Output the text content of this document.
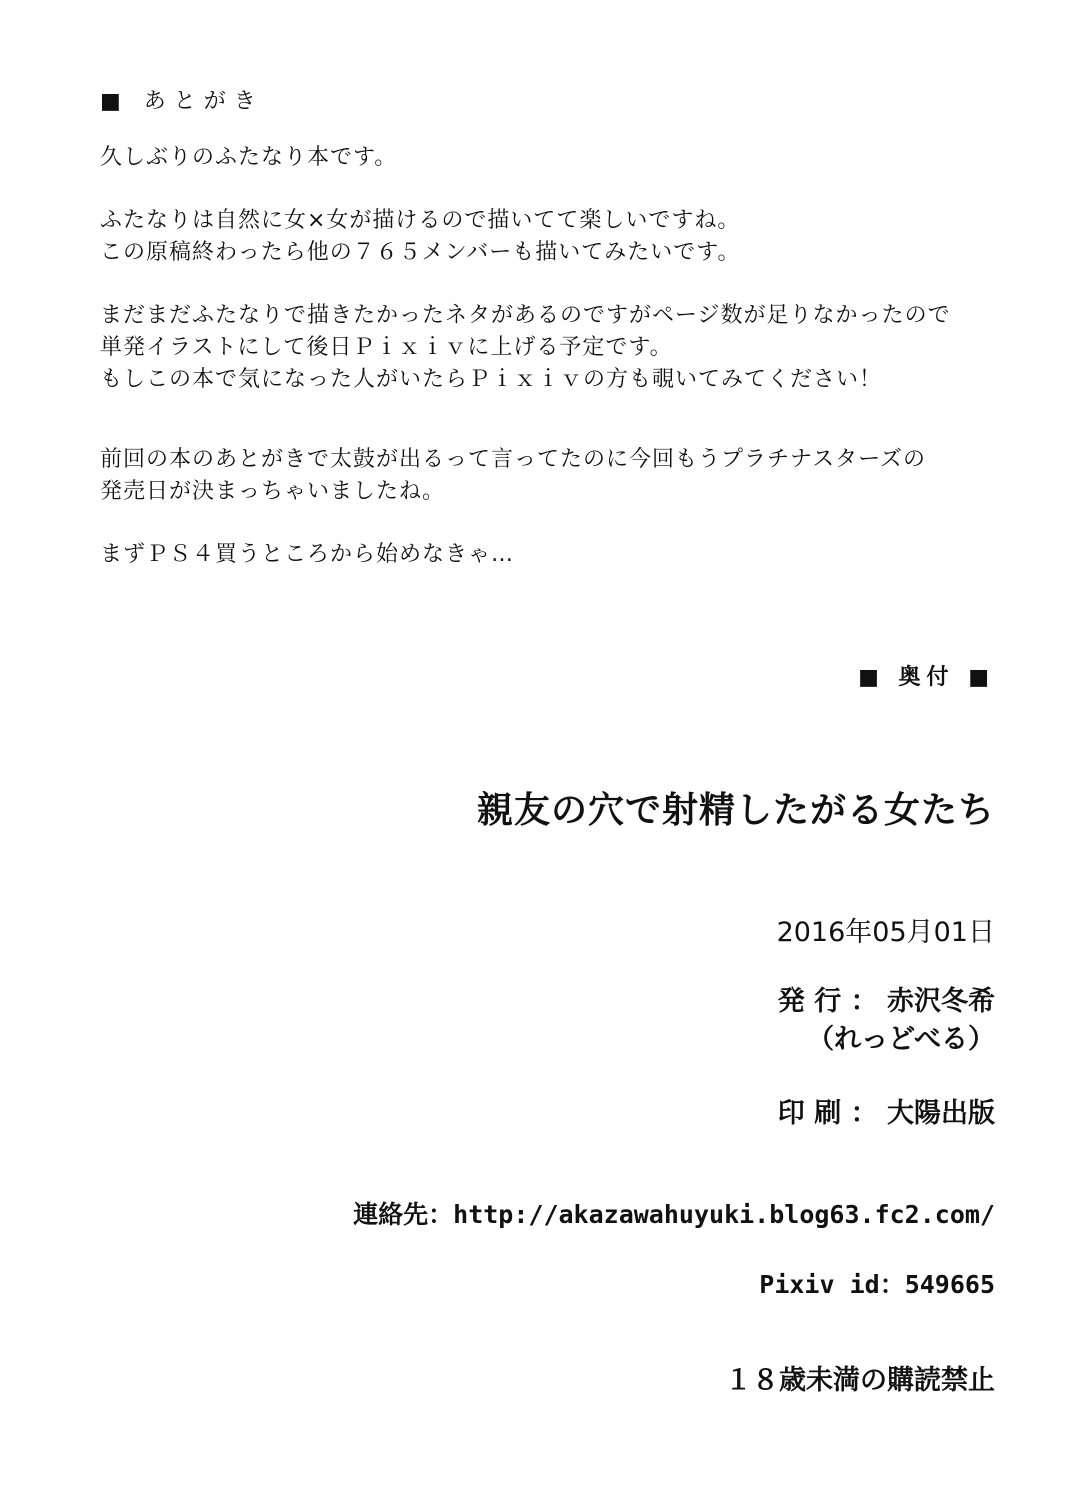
■ あとがき

久しぶりのふたなり本です。

ふたなりは自然に女×女が描けるので描いてて楽しいですね。

この原稿終わったら他の７６５メンバーも描いてみたいです。

まだまだふたなりで描きたかったネタがあるのですがページ数が足りなかったので

単発イラストにして後日Ｐｉｘｉｖに上げる予定です。

もしこの本で気になった人がいたらＰｉｘｉｖの方も覗いてみてください！

前回の本のあとがきで太鼓が出るって言ってたのに今回もうプラチナスターズの

発売日が決まっちゃいましたね。

まずＰＳ４買うところから始めなきゃ…

■ 奥付 ■
親友の穴で射精したがる女たち
2016年05月01日
発 行 ： 赤沢冬希
（れっどべる）
印 刷 ： 大陽出版
連絡先：http://akazawahuyuki.blog63.fc2.com/
Pixiv id：549665
１８歳未満の購読禁止
